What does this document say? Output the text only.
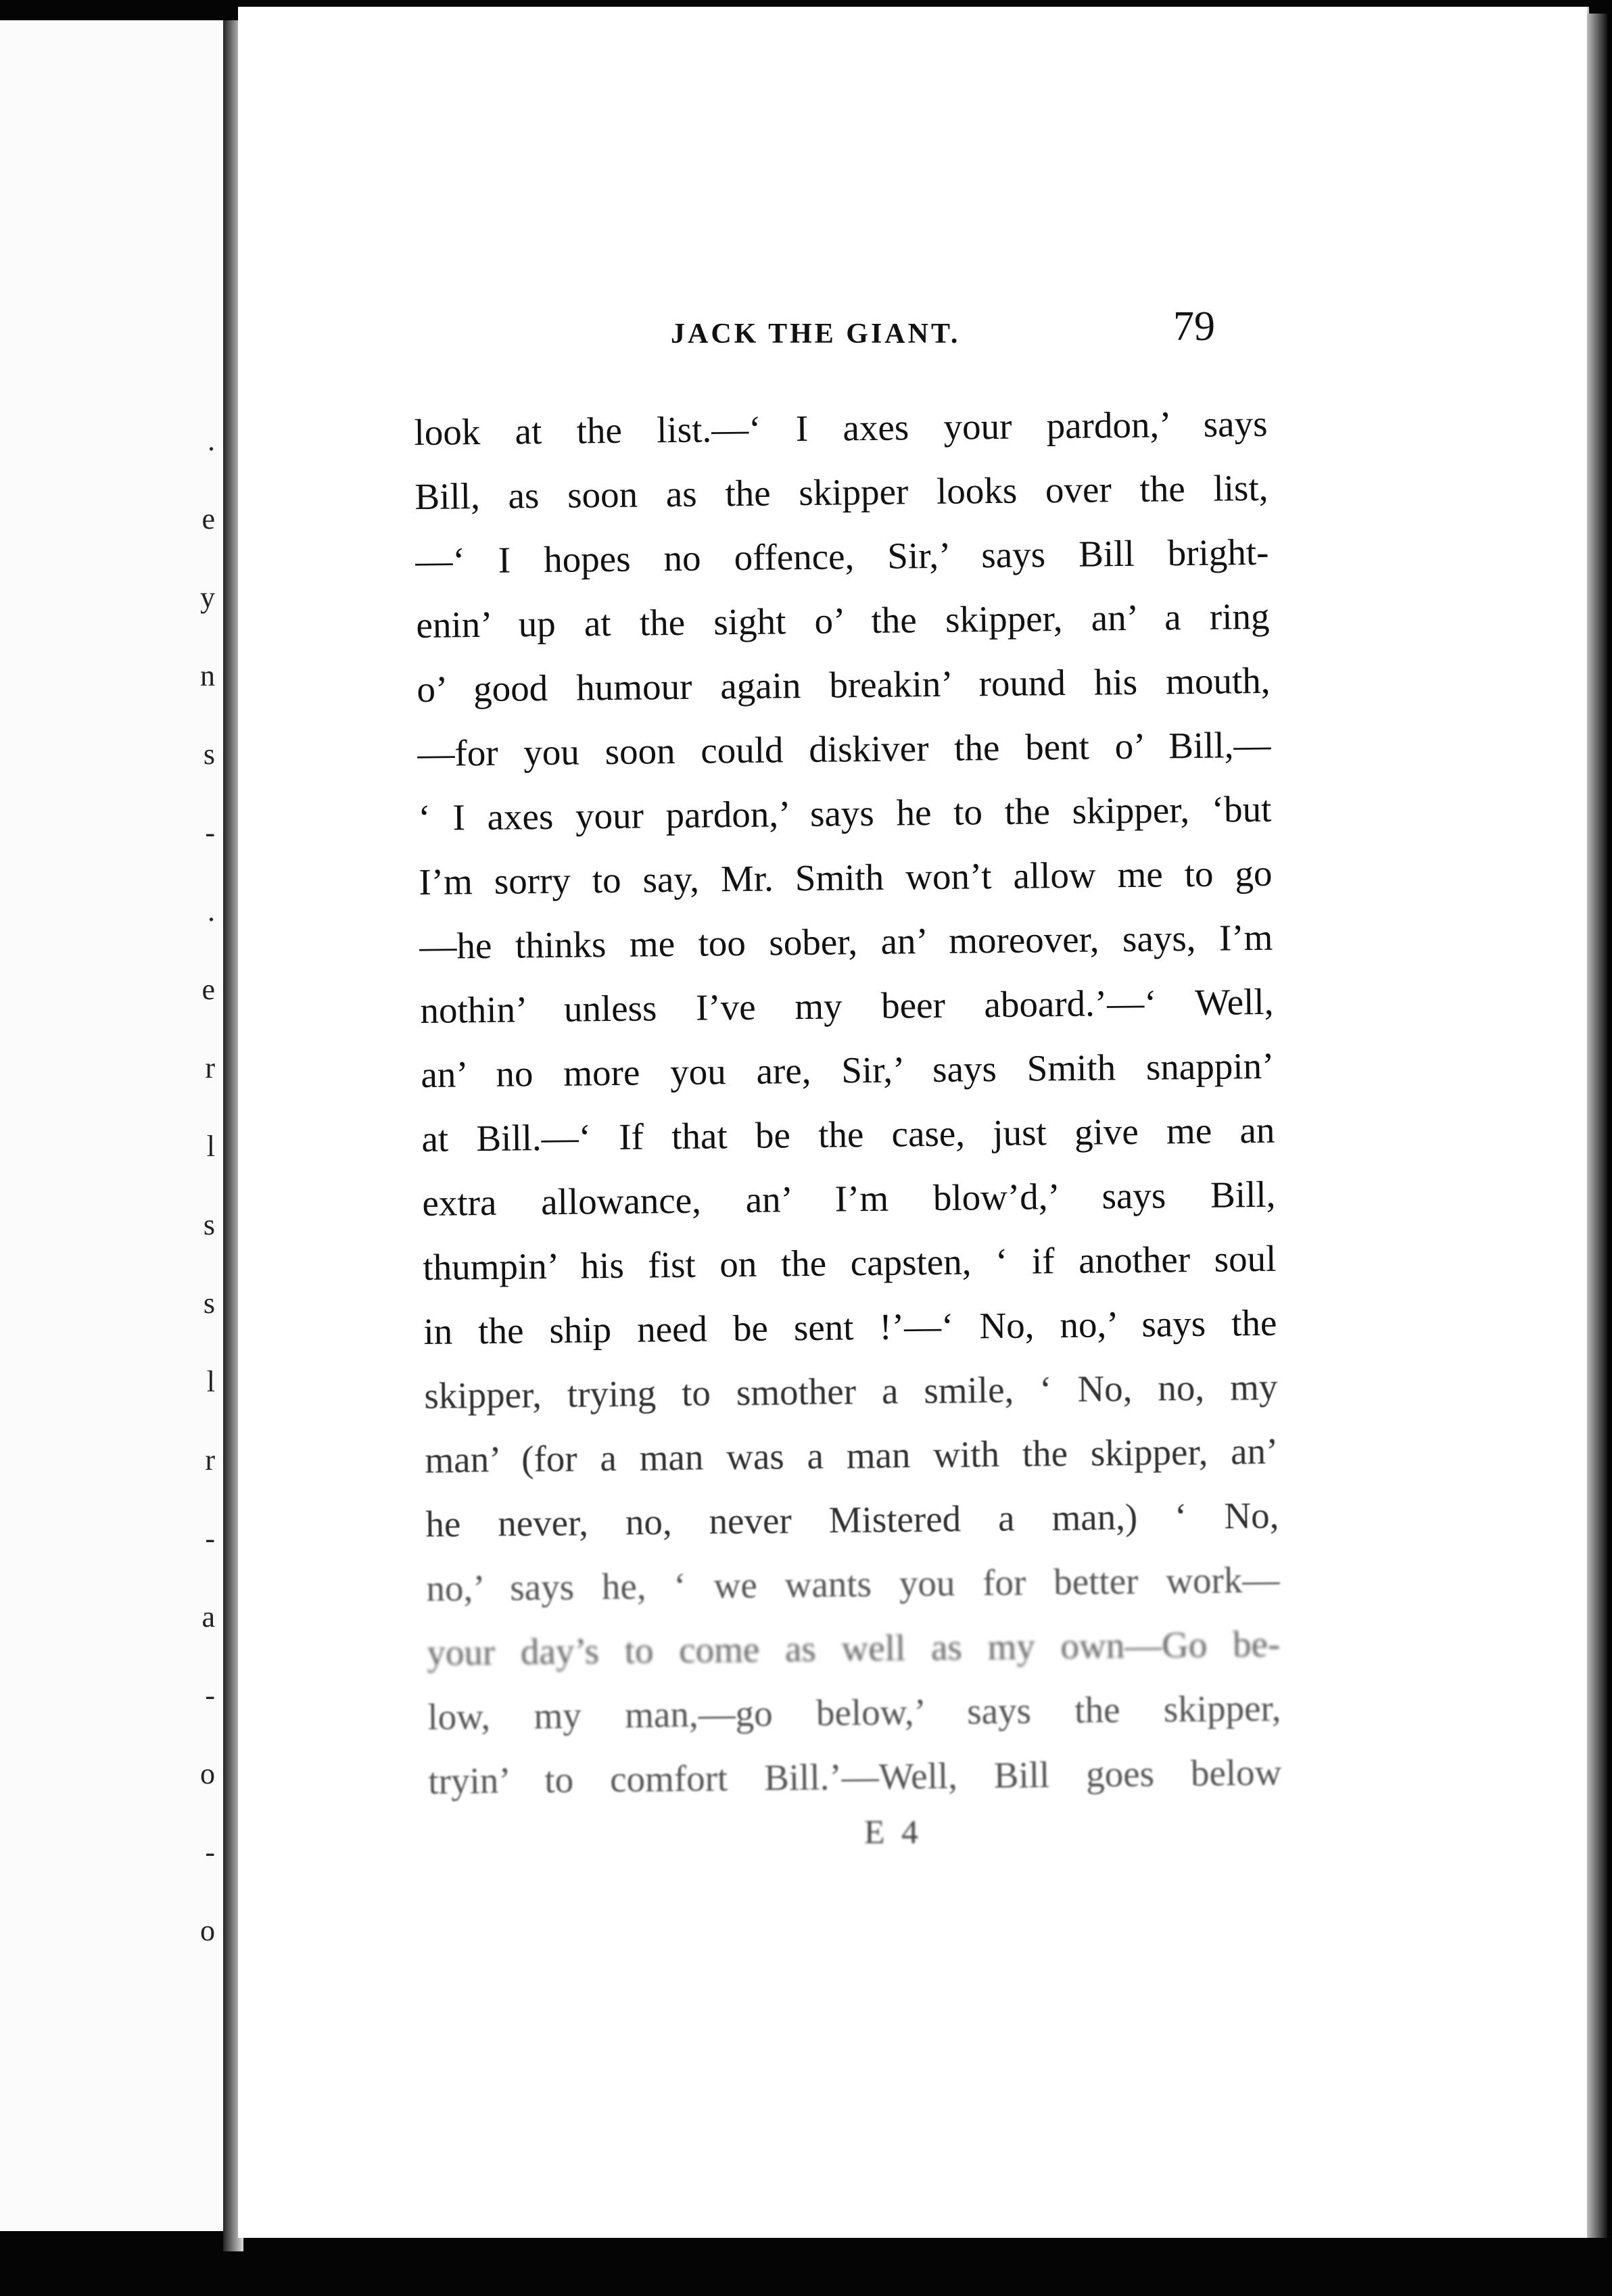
.
e
y
n
s
-
.
e
r
l
s
s
l
r
-
a
-
o
-
o
JACK THE GIANT.	79
look at the list.—‘ I axes your pardon,’ says
Bill, as soon as the skipper looks over the list,
—‘ I hopes no offence, Sir,’ says Bill bright-
enin’ up at the sight o’ the skipper, an’ a ring
o’ good humour again breakin’ round his mouth,
—for you soon could diskiver the bent o’ Bill,—
‘ I axes your pardon,’ says he to the skipper, ‘but
I’m sorry to say, Mr. Smith won’t allow me to go
—he thinks me too sober, an’ moreover, says, I’m
nothin’ unless I’ve my beer aboard.’—‘ Well,
an’ no more you are, Sir,’ says Smith snappin’
at Bill.—‘ If that be the case, just give me an
extra allowance, an’ I’m blow’d,’ says Bill,
thumpin’ his fist on the capsten, ‘ if another soul
in the ship need be sent !’—‘ No, no,’ says the
skipper, trying to smother a smile, ‘ No, no, my
man’ (for a man was a man with the skipper, an’
he never, no, never Mistered a man,) ‘ No,
no,’ says he, ‘ we wants you for better work—
your day’s to come as well as my own—Go be-
low, my man,—go below,’ says the skipper,
tryin’ to comfort Bill.’—Well, Bill goes below
E 4
